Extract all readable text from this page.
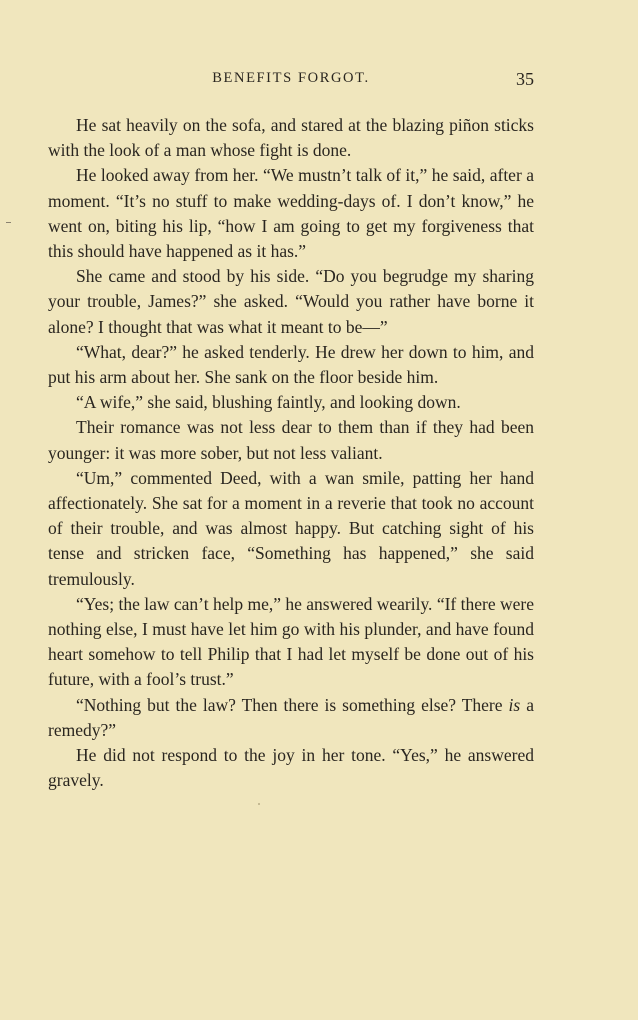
BENEFITS FORGOT.	35

He sat heavily on the sofa, and stared at the blazing piñon sticks with the look of a man whose fight is done.

He looked away from her. “We mustn’t talk of it,” he said, after a moment. “It’s no stuff to make wedding-days of. I don’t know,” he went on, biting his lip, “how I am going to get my forgiveness that this should have happened as it has.”

She came and stood by his side. “Do you begrudge my sharing your trouble, James?” she asked. “Would you rather have borne it alone? I thought that was what it meant to be—”

“What, dear?” he asked tenderly. He drew her down to him, and put his arm about her. She sank on the floor beside him.

“A wife,” she said, blushing faintly, and looking down.

Their romance was not less dear to them than if they had been younger: it was more sober, but not less valiant.

“Um,” commented Deed, with a wan smile, patting her hand affectionately. She sat for a moment in a reverie that took no account of their trouble, and was almost happy. But catching sight of his tense and stricken face, “Something has happened,” she said tremulously.

“Yes; the law can’t help me,” he answered wearily. “If there were nothing else, I must have let him go with his plunder, and have found heart somehow to tell Philip that I had let myself be done out of his future, with a fool’s trust.”

“Nothing but the law? Then there is something else? There is a remedy?”

He did not respond to the joy in her tone. “Yes,” he answered gravely.
